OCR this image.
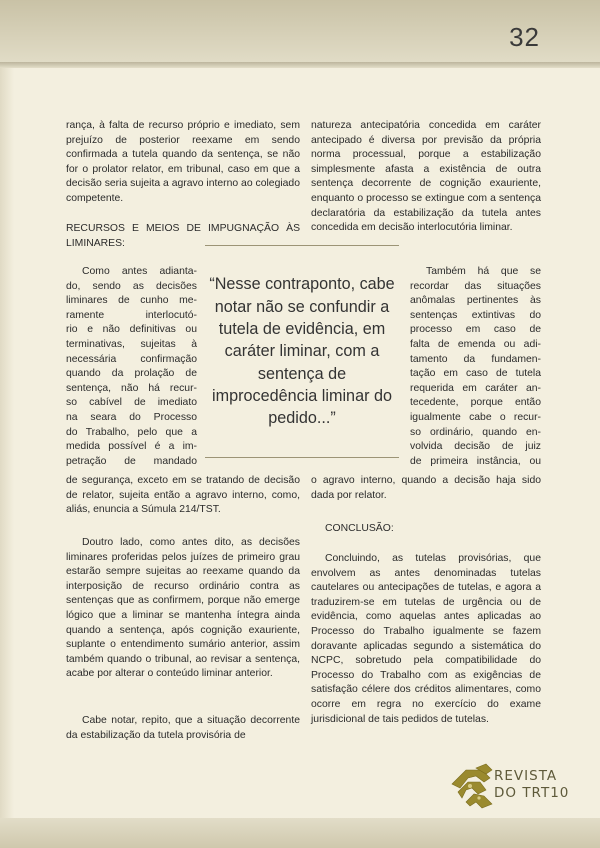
32
rança, à falta de recurso próprio e imediato, sem prejuízo de posterior reexame em sendo confirmada a tutela quando da sentença, se não for o prolator relator, em tribunal, caso em que a decisão seria sujeita a agravo interno ao colegiado competente.
RECURSOS E MEIOS DE IMPUGNAÇÃO ÀS LIMINARES:
Como antes adianta-
do, sendo as decisões
liminares de cunho me-
ramente interlocutó-
rio e não definitivas ou
terminativas, sujeitas à
necessária confirmação
quando da prolação de
sentença, não há recur-
so cabível de imediato
na seara do Processo
do Trabalho, pelo que a
medida possível é a im-
petração de mandado
de segurança, exceto em se tratando de decisão de relator, sujeita então a agravo interno, como, aliás, enuncia a Súmula 214/TST.
Doutro lado, como antes dito, as decisões liminares proferidas pelos juízes de primeiro grau estarão sempre sujeitas ao reexame quando da interposição de recurso ordinário contra as sentenças que as confirmem, porque não emerge lógico que a liminar se mantenha íntegra ainda quando a sentença, após cognição exauriente, suplante o entendimento sumário anterior, assim também quando o tribunal, ao revisar a sentença, acabe por alterar o conteúdo liminar anterior.
Cabe notar, repito, que a situação decorrente da estabilização da tutela provisória de
“Nesse contraponto, cabe notar não se confundir a tutela de evidência, em caráter liminar, com a sentença de improcedência liminar do pedido...”
natureza antecipatória concedida em caráter antecipado é diversa por previsão da própria norma processual, porque a estabilização simplesmente afasta a existência de outra sentença decorrente de cognição exauriente, enquanto o processo se extingue com a sentença declaratória da estabilização da tutela antes concedida em decisão interlocutória liminar.
Também há que se
recordar das situações
anômalas pertinentes às
sentenças extintivas do
processo em caso de
falta de emenda ou adi-
tamento da fundamen-
tação em caso de tutela
requerida em caráter an-
tecedente, porque então
igualmente cabe o recur-
so ordinário, quando en-
volvida decisão de juiz
de primeira instância, ou
o agravo interno, quando a decisão haja sido dada por relator.
CONCLUSÃO:
Concluindo, as tutelas provisórias, que envolvem as antes denominadas tutelas cautelares ou antecipações de tutelas, e agora a traduzirem-se em tutelas de urgência ou de evidência, como aquelas antes aplicadas ao Processo do Trabalho igualmente se fazem doravante aplicadas segundo a sistemática do NCPC, sobretudo pela compatibilidade do Processo do Trabalho com as exigências de satisfação célere dos créditos alimentares, como ocorre em regra no exercício do exame jurisdicional de tais pedidos de tutelas.
REVISTA
DO TRT10
